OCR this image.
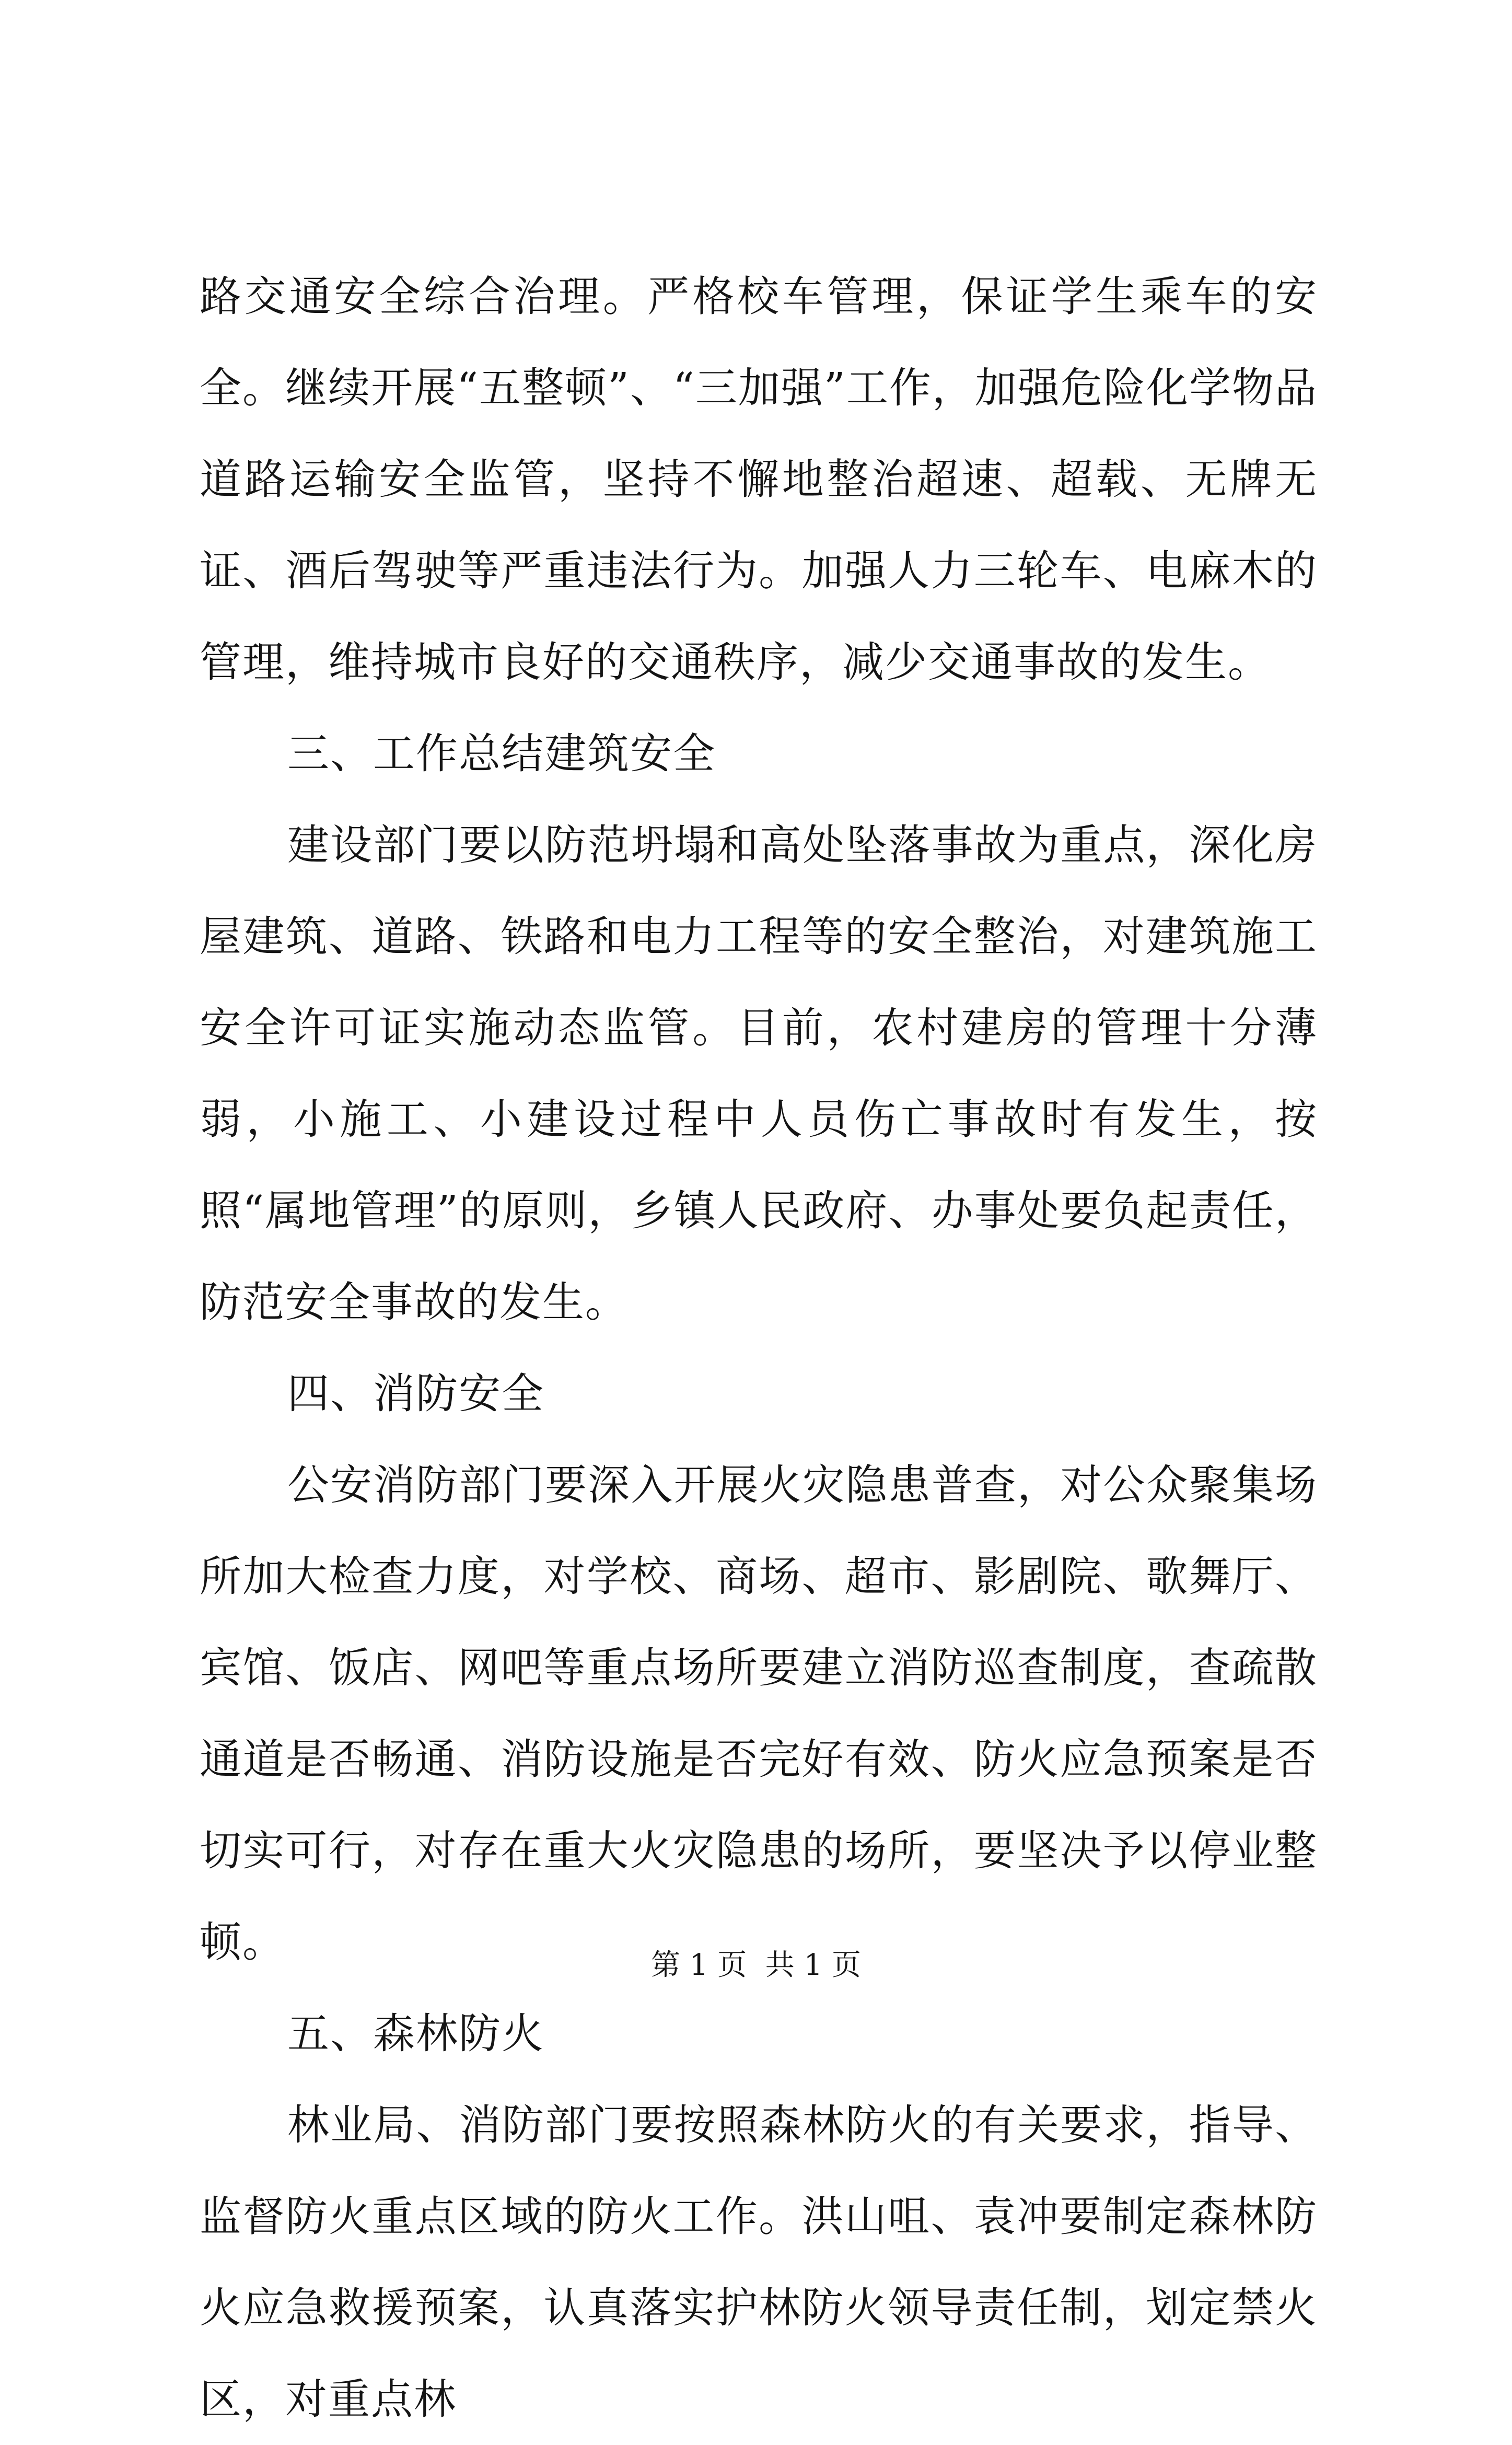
路交通安全综合治理。严格校车管理，保证学生乘车的安全。继续开展“五整顿”、“三加强”工作，加强危险化学物品道路运输安全监管，坚持不懈地整治超速、超载、无牌无证、酒后驾驶等严重违法行为。加强人力三轮车、电麻木的管理，维持城市良好的交通秩序，减少交通事故的发生。

三、工作总结建筑安全

建设部门要以防范坍塌和高处坠落事故为重点，深化房屋建筑、道路、铁路和电力工程等的安全整治，对建筑施工安全许可证实施动态监管。目前，农村建房的管理十分薄弱，小施工、小建设过程中人员伤亡事故时有发生，按照“属地管理”的原则，乡镇人民政府、办事处要负起责任，防范安全事故的发生。

四、消防安全

公安消防部门要深入开展火灾隐患普查，对公众聚集场所加大检查力度，对学校、商场、超市、影剧院、歌舞厅、宾馆、饭店、网吧等重点场所要建立消防巡查制度，查疏散通道是否畅通、消防设施是否完好有效、防火应急预案是否切实可行，对存在重大火灾隐患的场所，要坚决予以停业整顿。

五、森林防火

林业局、消防部门要按照森林防火的有关要求，指导、监督防火重点区域的防火工作。洪山咀、袁冲要制定森林防火应急救援预案，认真落实护林防火领导责任制，划定禁火区，对重点林

第 1 页  共 1 页
